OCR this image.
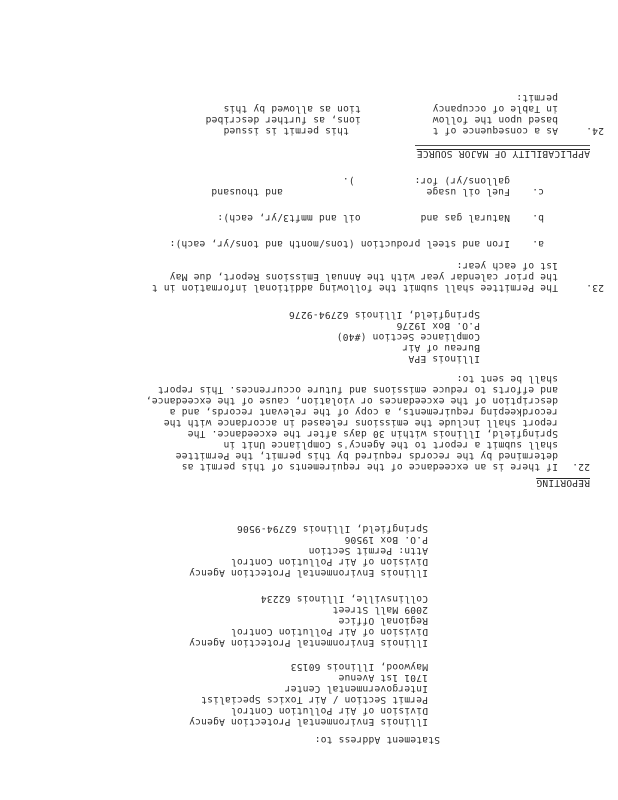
Statement Address to:
Illinois Environmental Protection Agency
Division of Air Pollution Control
Permit Section / Air Toxics Specialist
Intergovernmental Center
1701 1st Avenue
Maywood, Illinois 60153
Illinois Environmental Protection Agency
Division of Air Pollution Control
Regional Office
2009 Mall Street
Collinsville, Illinois 62234
Illinois Environmental Protection Agency
Division of Air Pollution Control
Attn: Permit Section
P.O. Box 19506
Springfield, Illinois 62794-9506
REPORTING
22.
If there is an exceedance of the requirements of this permit as
determined by the records required by this permit, the Permittee
shall submit a report to the Agency's Compliance Unit in
Springfield, Illinois within 30 days after the exceedance. The
report shall include the emissions released in accordance with the
recordkeeping requirements, a copy of the relevant records, and a
description of the exceedances or violation, cause of the exceedance,
and efforts to reduce emissions and future occurrences. This report
shall be sent to:
Illinois EPA
Bureau of Air
Compliance Section (#40)
P.O. Box 19276
Springfield, Illinois 62794-9276
23.
The Permittee shall submit the following additional information in t
the prior calendar year with the Annual Emissions Report, due May
1st of each year:
a.
Iron and steel production (tons/month and tons/yr, each):
b.
Natural gas and          oil and mmft3/yr, each):
c.
Fuel oil usage                        and thousand
gallons/yr) for:          ).
APPLICABILITY OF MAJOR SOURCE
24.
As a consequence of t              this permit is issued
based upon the follow            ions, as further described
in Table of occupancy            tion as allowed by this
permit:
